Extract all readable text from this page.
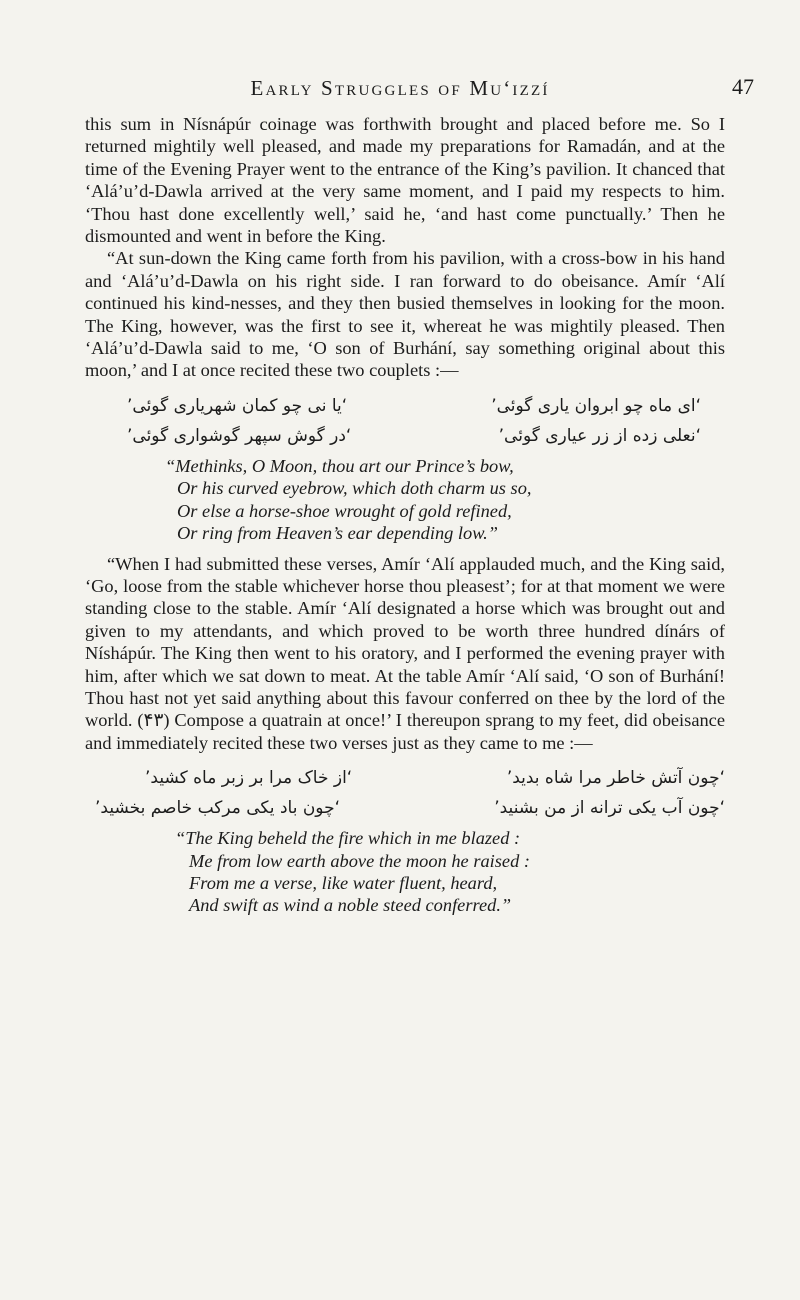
Early Struggles of Mu‘izzí	47

this sum in Nísnápúr coinage was forthwith brought and placed before me. So I returned mightily well pleased, and made my preparations for Ramadán, and at the time of the Evening Prayer went to the entrance of the King’s pavilion. It chanced that ‘Alá’u’d-Dawla arrived at the very same moment, and I paid my respects to him. ‘Thou hast done excellently well,’ said he, ‘and hast come punctually.’ Then he dismounted and went in before the King.

“At sun-down the King came forth from his pavilion, with a cross-bow in his hand and ‘Alá’u’d-Dawla on his right side. I ran forward to do obeisance. Amír ‘Alí continued his kind-nesses, and they then busied themselves in looking for the moon. The King, however, was the first to see it, whereat he was mightily pleased. Then ‘Alá’u’d-Dawla said to me, ‘O son of Burhání, say something original about this moon,’ and I at once recited these two couplets :—

‘ای ماه چو ابروان یاری گوئی’
‘یا نی چو کمان شهریاری گوئی’
‘نعلی زده از زر عیاری گوئی’
‘در گوش سپهر گوشواری گوئی’
“Methinks, O Moon, thou art our Prince’s bow,
Or his curved eyebrow, which doth charm us so,
Or else a horse-shoe wrought of gold refined,
Or ring from Heaven’s ear depending low.”

“When I had submitted these verses, Amír ‘Alí applauded much, and the King said, ‘Go, loose from the stable whichever horse thou pleasest’; for at that moment we were standing close to the stable. Amír ‘Alí designated a horse which was brought out and given to my attendants, and which proved to be worth three hundred dínárs of Níshápúr. The King then went to his oratory, and I performed the evening prayer with him, after which we sat down to meat. At the table Amír ‘Alí said, ‘O son of Burhání! Thou hast not yet said anything about this favour conferred on thee by the lord of the world. (۴۳) Compose a quatrain at once!’ I thereupon sprang to my feet, did obeisance and immediately recited these two verses just as they came to me :—

‘چون آتش خاطر مرا شاه بدید’
‘از خاک مرا بر زبر ماه کشید’
‘چون آب یکی ترانه از من بشنید’
‘چون باد یکی مرکب خاصم بخشید’
“The King beheld the fire which in me blazed :
Me from low earth above the moon he raised :
From me a verse, like water fluent, heard,
And swift as wind a noble steed conferred.”
